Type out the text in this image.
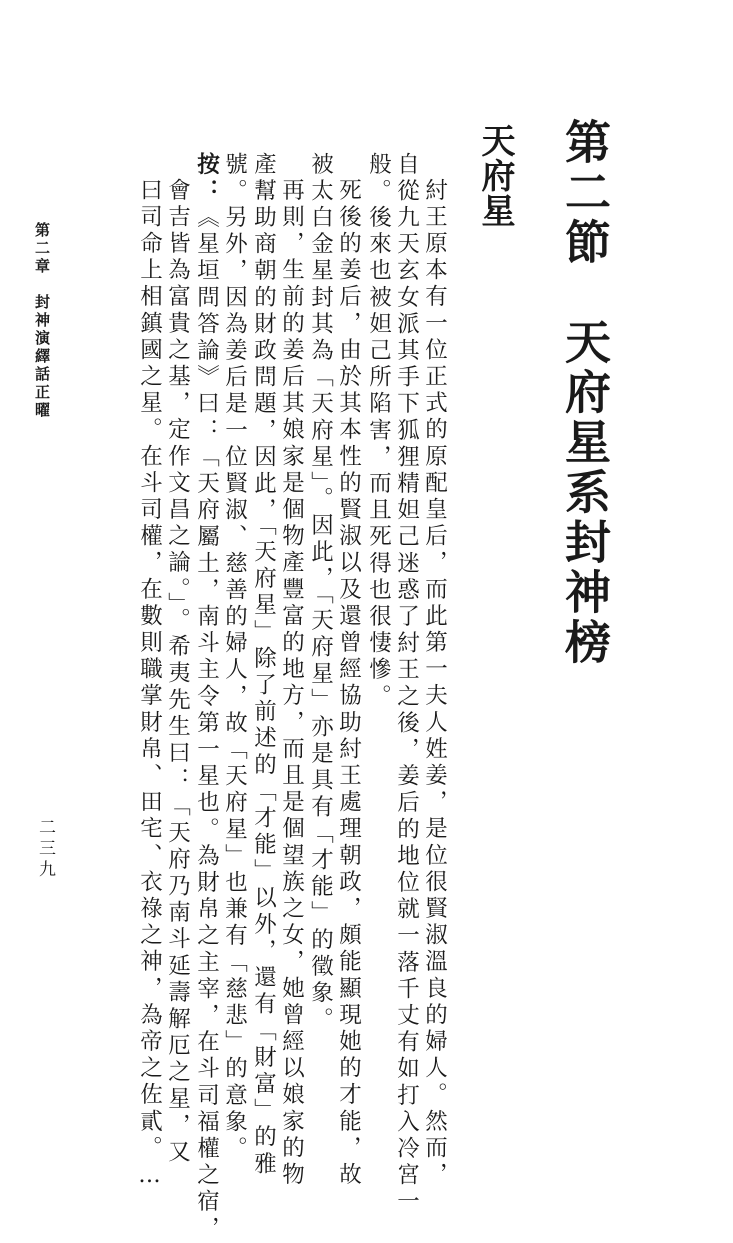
第二節　天府星系封神榜
天府星
紂王原本有一位正式的原配皇后，而此第一夫人姓姜，是位很賢淑溫良的婦人。然而，
自從九天玄女派其手下狐狸精妲己迷惑了紂王之後，姜后的地位就一落千丈有如打入冷宮一
般。後來也被妲己所陷害，而且死得也很悽慘。
死後的姜后，由於其本性的賢淑以及還曾經協助紂王處理朝政，頗能顯現她的才能，故
被太白金星封其為「天府星」。因此，「天府星」亦是具有「才能」的徵象。
再則，生前的姜后其娘家是個物產豐富的地方，而且是個望族之女，她曾經以娘家的物
產幫助商朝的財政問題，因此，「天府星」除了前述的「才能」以外，還有「財富」的雅
號。另外，因為姜后是一位賢淑、慈善的婦人，故「天府星」也兼有「慈悲」的意象。
按：《星垣問答論》曰：「天府屬土，南斗主令第一星也。為財帛之主宰，在斗司福權之宿，
會吉皆為富貴之基，定作文昌之論。」。希夷先生曰：「天府乃南斗延壽解厄之星，又
曰司命上相鎮國之星。在斗司權，在數則職掌財帛、田宅、衣祿之神，為帝之佐貳。…
第二章　封神演繹話正曜
二三九
